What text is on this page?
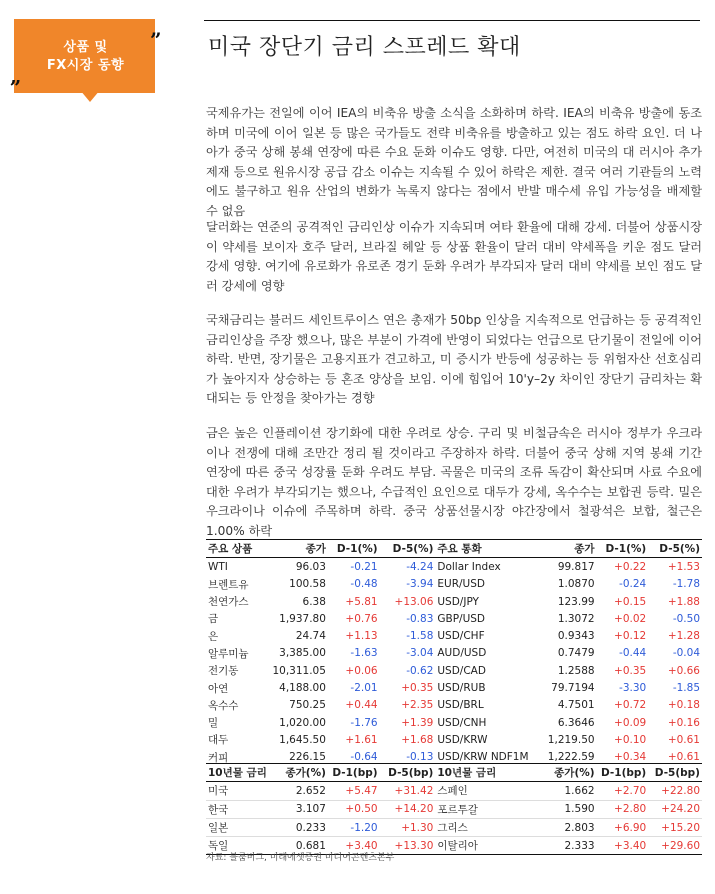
상품 및
FX시장 동향
”
„
미국 장단기 금리 스프레드 확대

국제유가는 전일에 이어 IEA의 비축유 방출 소식을 소화하며 하락. IEA의 비축유 방출에 동조하며 미국에 이어 일본 등 많은 국가들도 전략 비축유를 방출하고 있는 점도 하락 요인. 더 나아가 중국 상해 봉쇄 연장에 따른 수요 둔화 이슈도 영향. 다만, 여전히 미국의 대 러시아 추가 제재 등으로 원유시장 공급 감소 이슈는 지속될 수 있어 하락은 제한. 결국 여러 기관들의 노력에도 불구하고 원유 산업의 변화가 녹록지 않다는 점에서 반발 매수세 유입 가능성을 배제할 수 없음

달러화는 연준의 공격적인 금리인상 이슈가 지속되며 여타 환율에 대해 강세. 더불어 상품시장이 약세를 보이자 호주 달러, 브라질 헤알 등 상품 환율이 달러 대비 약세폭을 키운 점도 달러 강세 영향. 여기에 유로화가 유로존 경기 둔화 우려가 부각되자 달러 대비 약세를 보인 점도 달러 강세에 영향

국채금리는 불러드 세인트루이스 연은 총재가 50bp 인상을 지속적으로 언급하는 등 공격적인 금리인상을 주장 했으나, 많은 부분이 가격에 반영이 되었다는 언급으로 단기물이 전일에 이어 하락. 반면, 장기물은 고용지표가 견고하고, 미 증시가 반등에 성공하는 등 위험자산 선호심리가 높아지자 상승하는 등 혼조 양상을 보임. 이에 힘입어 10'y–2y 차이인 장단기 금리차는 확대되는 등 안정을 찾아가는 경향

금은 높은 인플레이션 장기화에 대한 우려로 상승. 구리 및 비철금속은 러시아 정부가 우크라이나 전쟁에 대해 조만간 정리 될 것이라고 주장하자 하락. 더불어 중국 상해 지역 봉쇄 기간 연장에 따른 중국 성장률 둔화 우려도 부담. 곡물은 미국의 조류 독감이 확산되며 사료 수요에 대한 우려가 부각되기는 했으나, 수급적인 요인으로 대두가 강세, 옥수수는 보합권 등락. 밀은 우크라이나 이슈에 주목하며 하락. 중국 상품선물시장 야간장에서 철광석은 보합, 철근은 1.00% 하락

주요 상품	종가	D-1(%)	D-5(%)	주요 통화	종가	D-1(%)	D-5(%)
WTI	96.03	-0.21	-4.24	Dollar Index	99.817	+0.22	+1.53
브렌트유	100.58	-0.48	-3.94	EUR/USD	1.0870	-0.24	-1.78
천연가스	6.38	+5.81	+13.06	USD/JPY	123.99	+0.15	+1.88
금	1,937.80	+0.76	-0.83	GBP/USD	1.3072	+0.02	-0.50
은	24.74	+1.13	-1.58	USD/CHF	0.9343	+0.12	+1.28
알루미늄	3,385.00	-1.63	-3.04	AUD/USD	0.7479	-0.44	-0.04
전기동	10,311.05	+0.06	-0.62	USD/CAD	1.2588	+0.35	+0.66
아연	4,188.00	-2.01	+0.35	USD/RUB	79.7194	-3.30	-1.85
옥수수	750.25	+0.44	+2.35	USD/BRL	4.7501	+0.72	+0.18
밀	1,020.00	-1.76	+1.39	USD/CNH	6.3646	+0.09	+0.16
대두	1,645.50	+1.61	+1.68	USD/KRW	1,219.50	+0.10	+0.61
커피	226.15	-0.64	-0.13	USD/KRW NDF1M	1,222.59	+0.34	+0.61
10년물 금리	종가(%)	D-1(bp)	D-5(bp)	10년물 금리	종가(%)	D-1(bp)	D-5(bp)
미국	2.652	+5.47	+31.42	스페인	1.662	+2.70	+22.80
한국	3.107	+0.50	+14.20	포르투갈	1.590	+2.80	+24.20
일본	0.233	-1.20	+1.30	그리스	2.803	+6.90	+15.20
독일	0.681	+3.40	+13.30	이탈리아	2.333	+3.40	+29.60
자료: 블룸버그, 미래에셋증권 미디어콘텐츠본부
